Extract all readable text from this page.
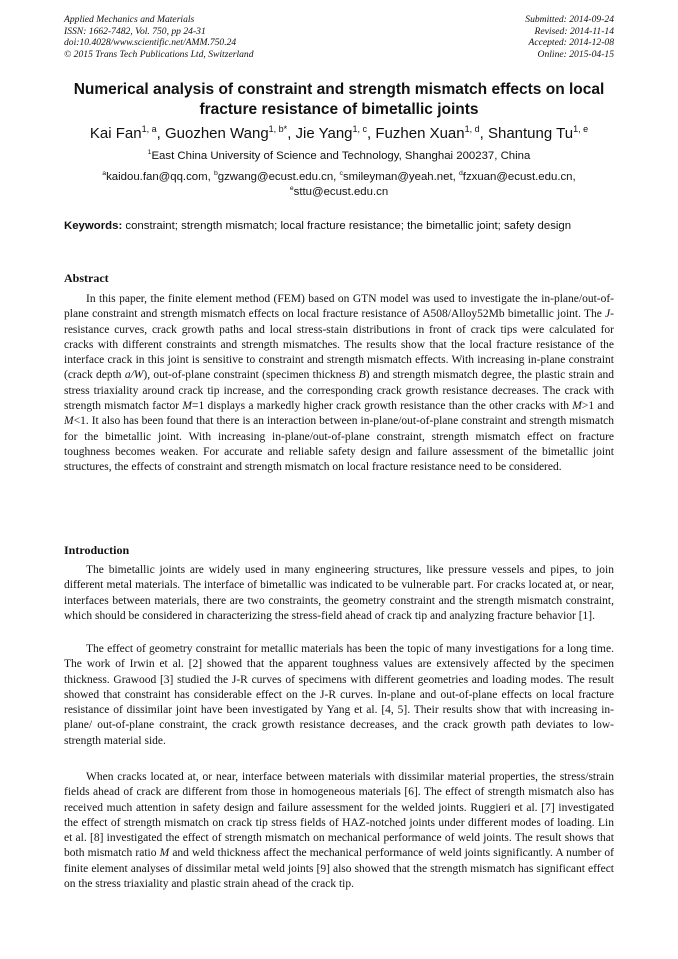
Applied Mechanics and Materials
ISSN: 1662-7482, Vol. 750, pp 24-31
doi:10.4028/www.scientific.net/AMM.750.24
© 2015 Trans Tech Publications Ltd, Switzerland
Submitted: 2014-09-24
Revised: 2014-11-14
Accepted: 2014-12-08
Online: 2015-04-15
Numerical analysis of constraint and strength mismatch effects on local fracture resistance of bimetallic joints
Kai Fan$^{1, a}$, Guozhen Wang$^{1, b*}$, Jie Yang$^{1, c}$, Fuzhen Xuan$^{1, d}$, Shantung Tu$^{1, e}$
$^1$East China University of Science and Technology, Shanghai 200237, China
$^a$kaidou.fan@qq.com, $^b$gzwang@ecust.edu.cn, $^c$smileyman@yeah.net, $^d$fzxuan@ecust.edu.cn,
$^e$sttu@ecust.edu.cn
Keywords: constraint; strength mismatch; local fracture resistance; the bimetallic joint; safety design
Abstract

In this paper, the finite element method (FEM) based on GTN model was used to investigate the in-plane/out-of-plane constraint and strength mismatch effects on local fracture resistance of A508/Alloy52Mb bimetallic joint. The J-resistance curves, crack growth paths and local stress-stain distributions in front of crack tips were calculated for cracks with different constraints and strength mismatches. The results show that the local fracture resistance of the interface crack in this joint is sensitive to constraint and strength mismatch effects. With increasing in-plane constraint (crack depth a/W), out-of-plane constraint (specimen thickness B) and strength mismatch degree, the plastic strain and stress triaxiality around crack tip increase, and the corresponding crack growth resistance decreases. The crack with strength mismatch factor M=1 displays a markedly higher crack growth resistance than the other cracks with M>1 and M<1. It also has been found that there is an interaction between in-plane/out-of-plane constraint and strength mismatch for the bimetallic joint. With increasing in-plane/out-of-plane constraint, strength mismatch effect on fracture toughness becomes weaken. For accurate and reliable safety design and failure assessment of the bimetallic joint structures, the effects of constraint and strength mismatch on local fracture resistance need to be considered.

Introduction

The bimetallic joints are widely used in many engineering structures, like pressure vessels and pipes, to join different metal materials. The interface of bimetallic was indicated to be vulnerable part. For cracks located at, or near, interfaces between materials, there are two constraints, the geometry constraint and the strength mismatch constraint, which should be considered in characterizing the stress-field ahead of crack tip and analyzing fracture behavior [1].

The effect of geometry constraint for metallic materials has been the topic of many investigations for a long time. The work of Irwin et al. [2] showed that the apparent toughness values are extensively affected by the specimen thickness. Grawood [3] studied the J-R curves of specimens with different geometries and loading modes. The result showed that constraint has considerable effect on the J-R curves. In-plane and out-of-plane effects on local fracture resistance of dissimilar joint have been investigated by Yang et al. [4, 5]. Their results show that with increasing in-plane/ out-of-plane constraint, the crack growth resistance decreases, and the crack growth path deviates to low-strength material side.

When cracks located at, or near, interface between materials with dissimilar material properties, the stress/strain fields ahead of crack are different from those in homogeneous materials [6]. The effect of strength mismatch also has received much attention in safety design and failure assessment for the welded joints. Ruggieri et al. [7] investigated the effect of strength mismatch on crack tip stress fields of HAZ-notched joints under different modes of loading. Lin et al. [8] investigated the effect of strength mismatch on mechanical performance of weld joints. The result shows that both mismatch ratio M and weld thickness affect the mechanical performance of weld joints significantly. A number of finite element analyses of dissimilar metal weld joints [9] also showed that the strength mismatch has significant effect on the stress triaxiality and plastic strain ahead of the crack tip.
